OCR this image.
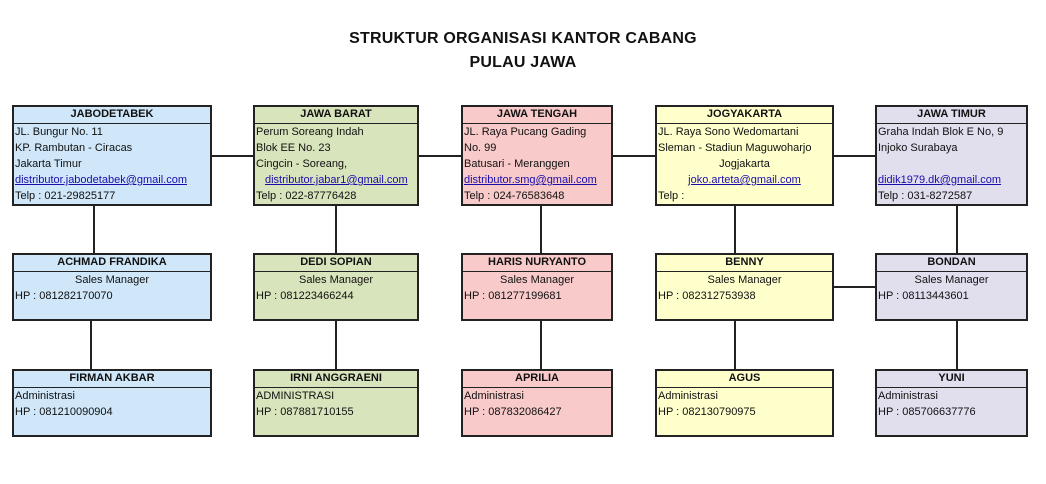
STRUKTUR ORGANISASI KANTOR CABANG
PULAU JAWA
JABODETABEK
JL. Bungur No. 11
KP. Rambutan - Ciracas
Jakarta Timur
distributor.jabodetabek@gmail.com
Telp : 021-29825177
JAWA BARAT
Perum Soreang Indah
Blok EE No. 23
Cingcin - Soreang,
distributor.jabar1@gmail.com
Telp : 022-87776428
JAWA TENGAH
JL. Raya Pucang Gading
No. 99
Batusari - Meranggen
distributor.smg@gmail.com
Telp : 024-76583648
JOGYAKARTA
JL. Raya Sono Wedomartani
Sleman - Stadiun Maguwoharjo
Jogjakarta
joko.arteta@gmail.com
Telp :
JAWA TIMUR
Graha Indah Blok E No, 9
Injoko Surabaya
didik1979.dk@gmail.com
Telp : 031-8272587
ACHMAD FRANDIKA
Sales Manager
HP : 081282170070
DEDI SOPIAN
Sales Manager
HP : 081223466244
HARIS NURYANTO
Sales Manager
HP : 081277199681
BENNY
Sales Manager
HP : 082312753938
BONDAN
Sales Manager
HP : 08113443601
FIRMAN AKBAR
Administrasi
HP : 081210090904
IRNI ANGGRAENI
ADMINISTRASI
HP : 087881710155
APRILIA
Administrasi
HP : 087832086427
AGUS
Administrasi
HP : 082130790975
YUNI
Administrasi
HP : 085706637776
